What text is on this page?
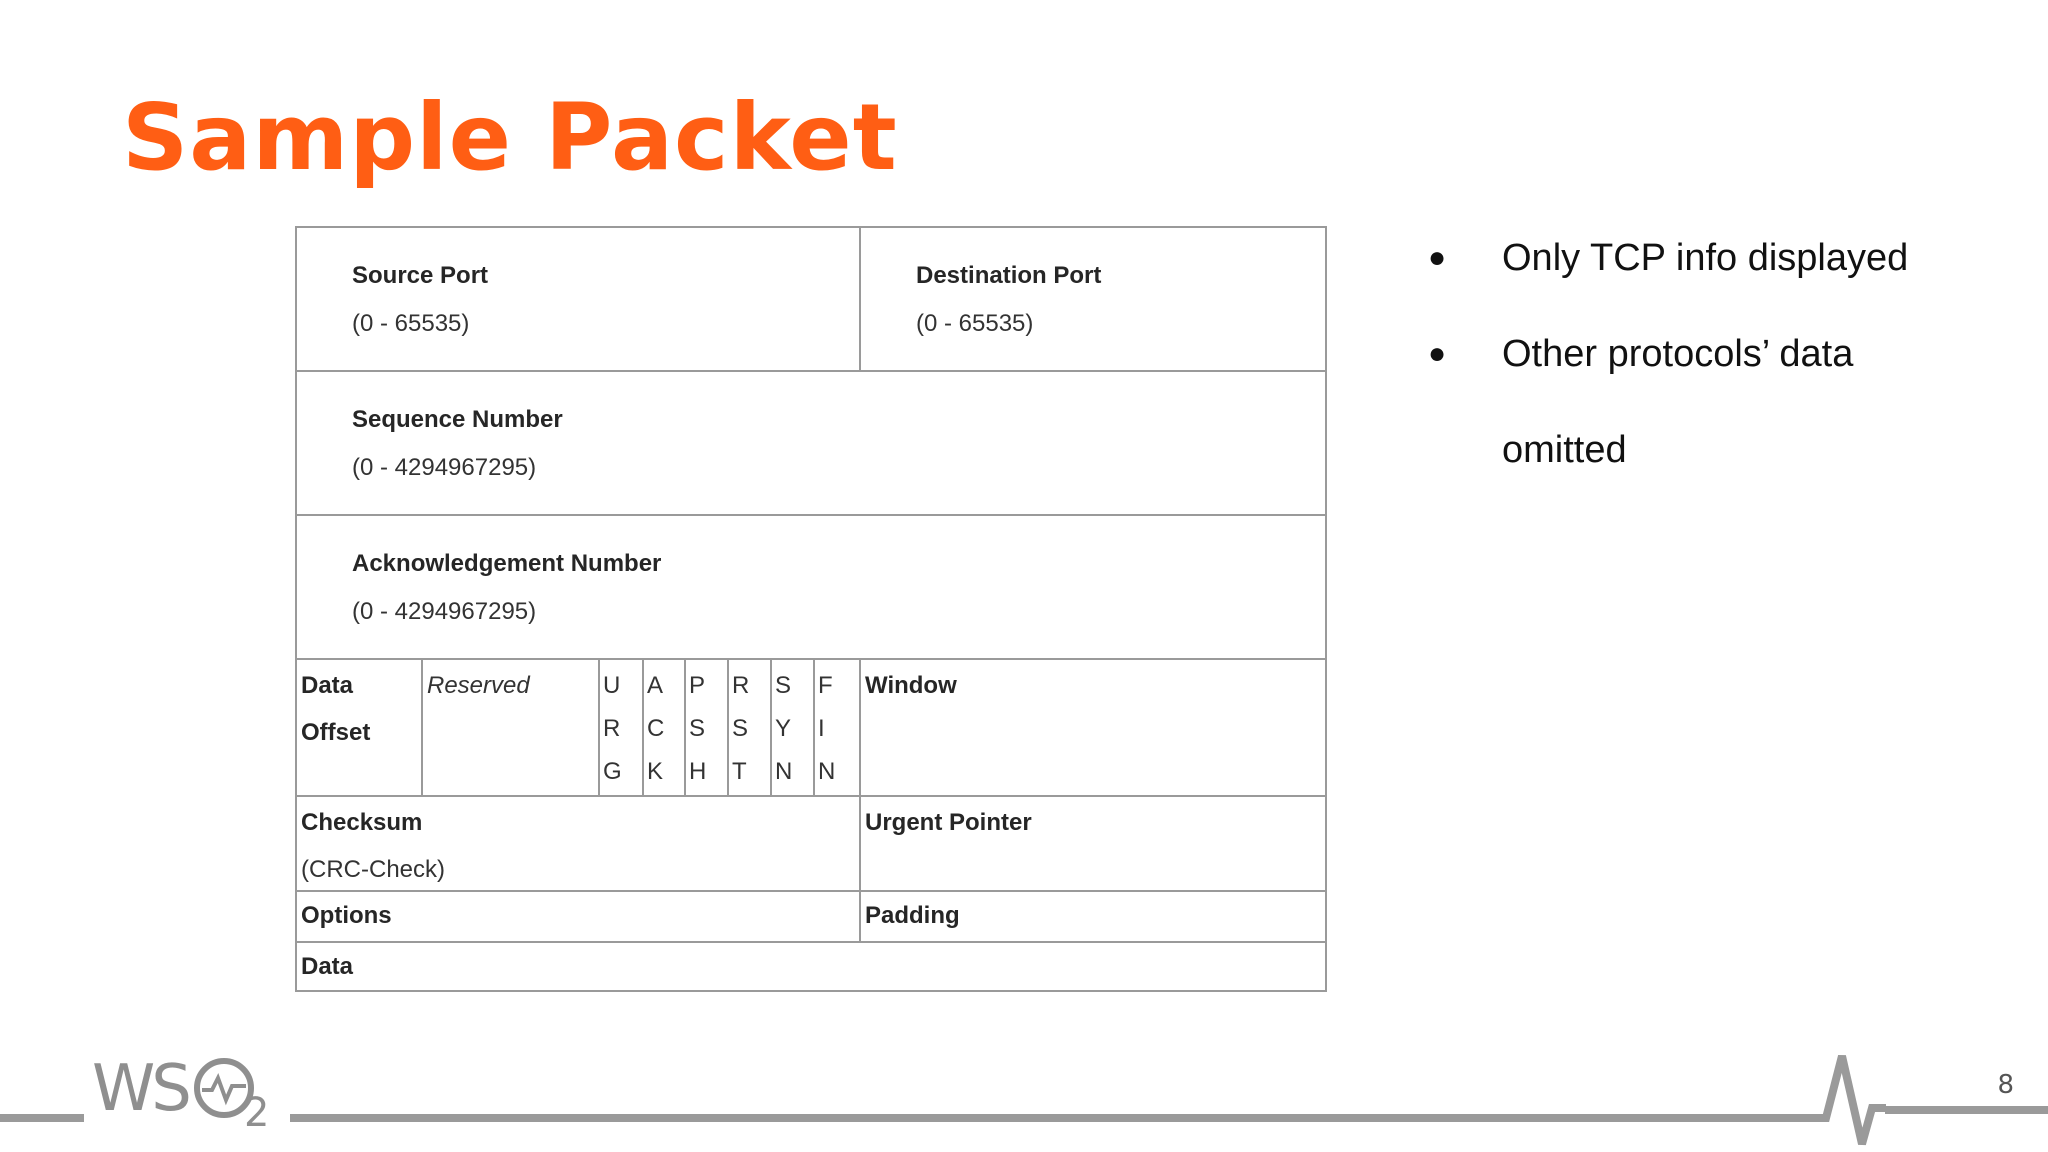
Sample Packet
Source Port
(0 - 65535)
Destination Port
(0 - 65535)
Sequence Number
(0 - 4294967295)
Acknowledgement Number
(0 - 4294967295)
Data
Offset
Reserved	U
R
G
A
C
K
P
S
H
R
S
T
S
Y
N
F
I
N
Window
Checksum
(CRC-Check)
Urgent Pointer
Options	Padding
Data
● Only TCP info displayed
● Other protocols’ data
omitted
WS 2
8
